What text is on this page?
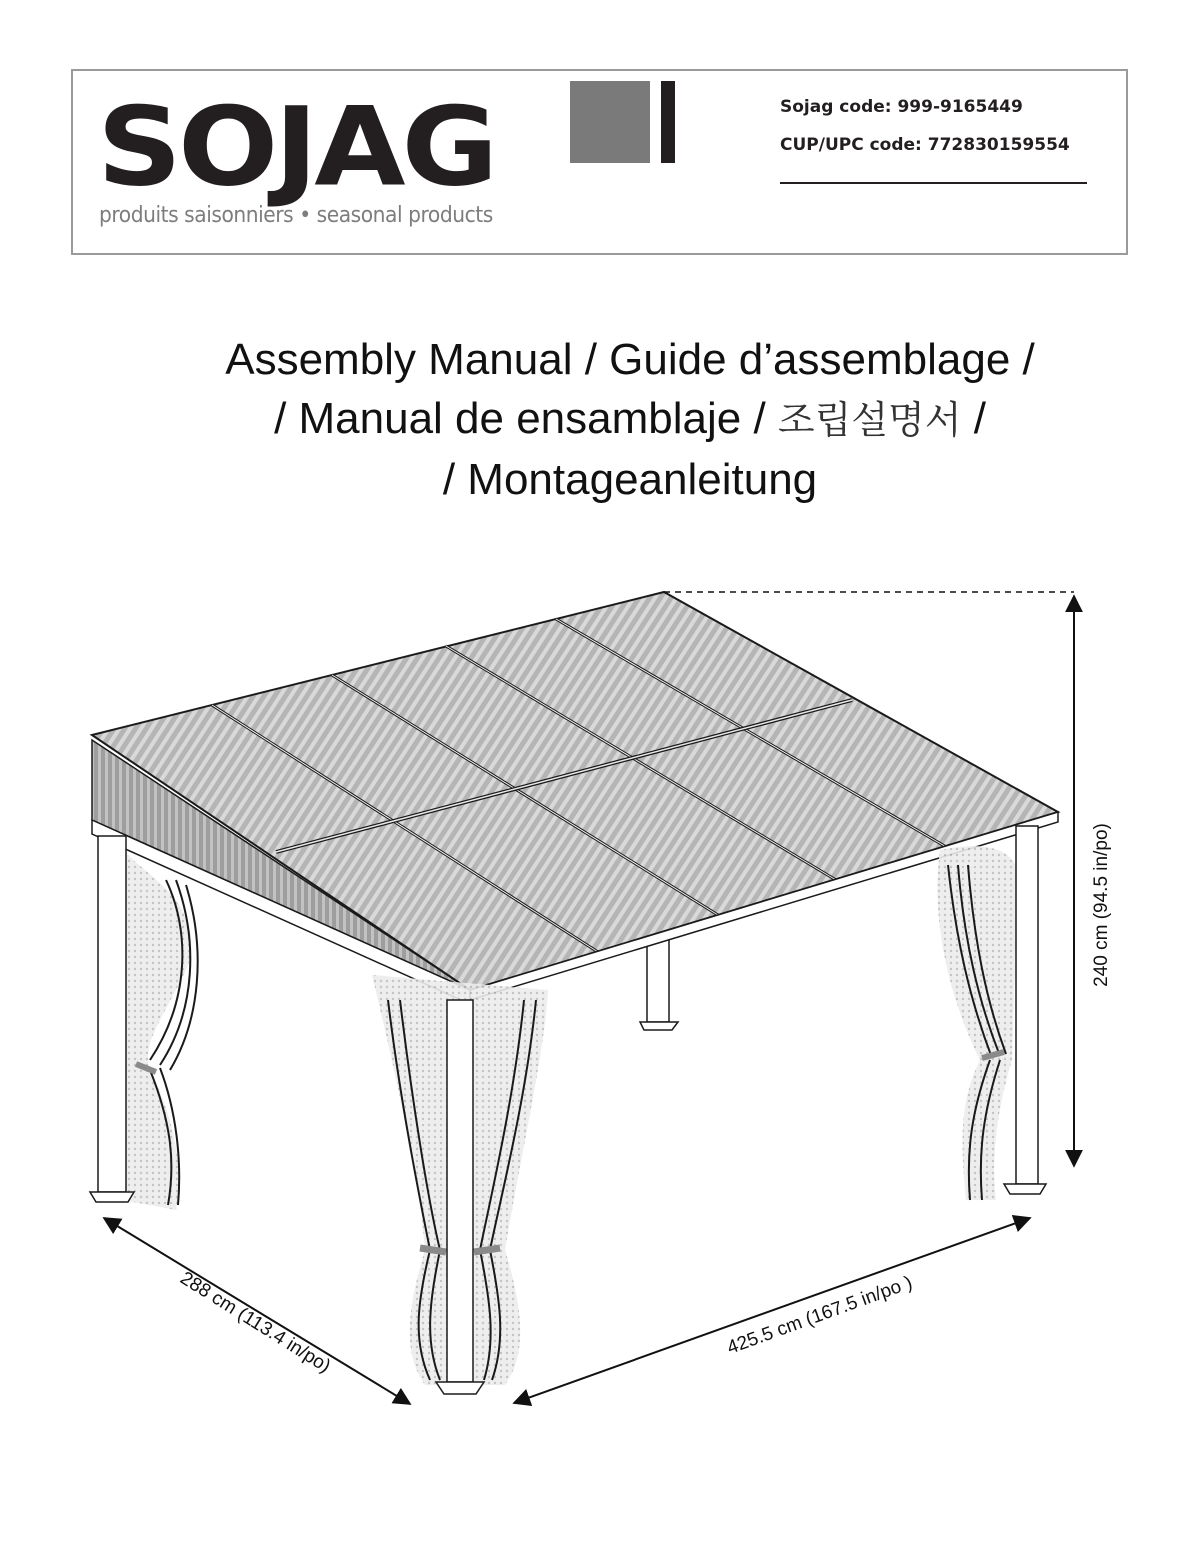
SOJAG
produits saisonniers • seasonal products
Sojag code: 999-9165449
CUP/UPC code: 772830159554
Assembly Manual / Guide d’assemblage /
/ Manual de ensamblaje / 조립설명서 /
/ Montageanleitung
240 cm (94.5 in/po)
288 cm (113.4 in/po)	425.5 cm (167.5 in/po )
